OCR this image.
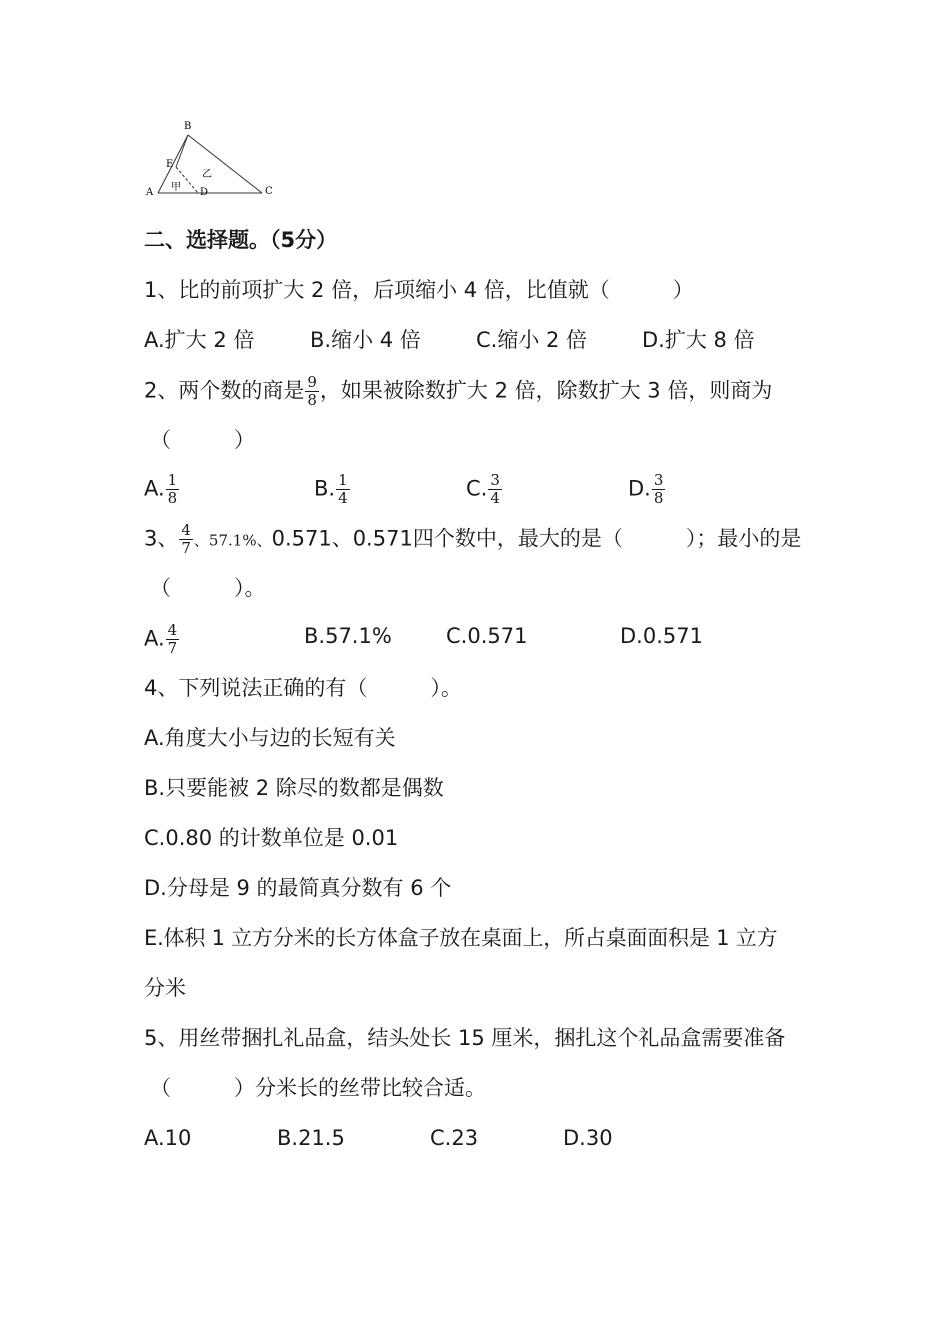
A
B
C
D
E
甲
乙
二、选择题。（5分）
1、比的前项扩大 2 倍，后项缩小 4 倍，比值就（　　　）
A.扩大 2 倍	B.缩小 4 倍	C.缩小 2 倍	D.扩大 8 倍
2、两个数的商是 $\frac{9}{8}$ ，如果被除数扩大 2 倍，除数扩大 3 倍，则商为
（　　　）
A. $\frac{1}{8}$	B. $\frac{1}{4}$	C. $\frac{3}{4}$	D. $\frac{3}{8}$
3、 $\frac{4}{7}$ 、57.1%、0.571、0.571四个数中，最大的是（　　　）；最小的是
（　　　）。
A. $\frac{4}{7}$	B.57.1%	C.0.571	D.0.571
4、下列说法正确的有（　　　）。
A.角度大小与边的长短有关
B.只要能被 2 除尽的数都是偶数
C.0.80 的计数单位是 0.01
D.分母是 9 的最简真分数有 6 个
E.体积 1 立方分米的长方体盒子放在桌面上，所占桌面面积是 1 立方
分米
5、用丝带捆扎礼品盒，结头处长 15 厘米，捆扎这个礼品盒需要准备
（　　　）分米长的丝带比较合适。
A.10	B.21.5	C.23	D.30
